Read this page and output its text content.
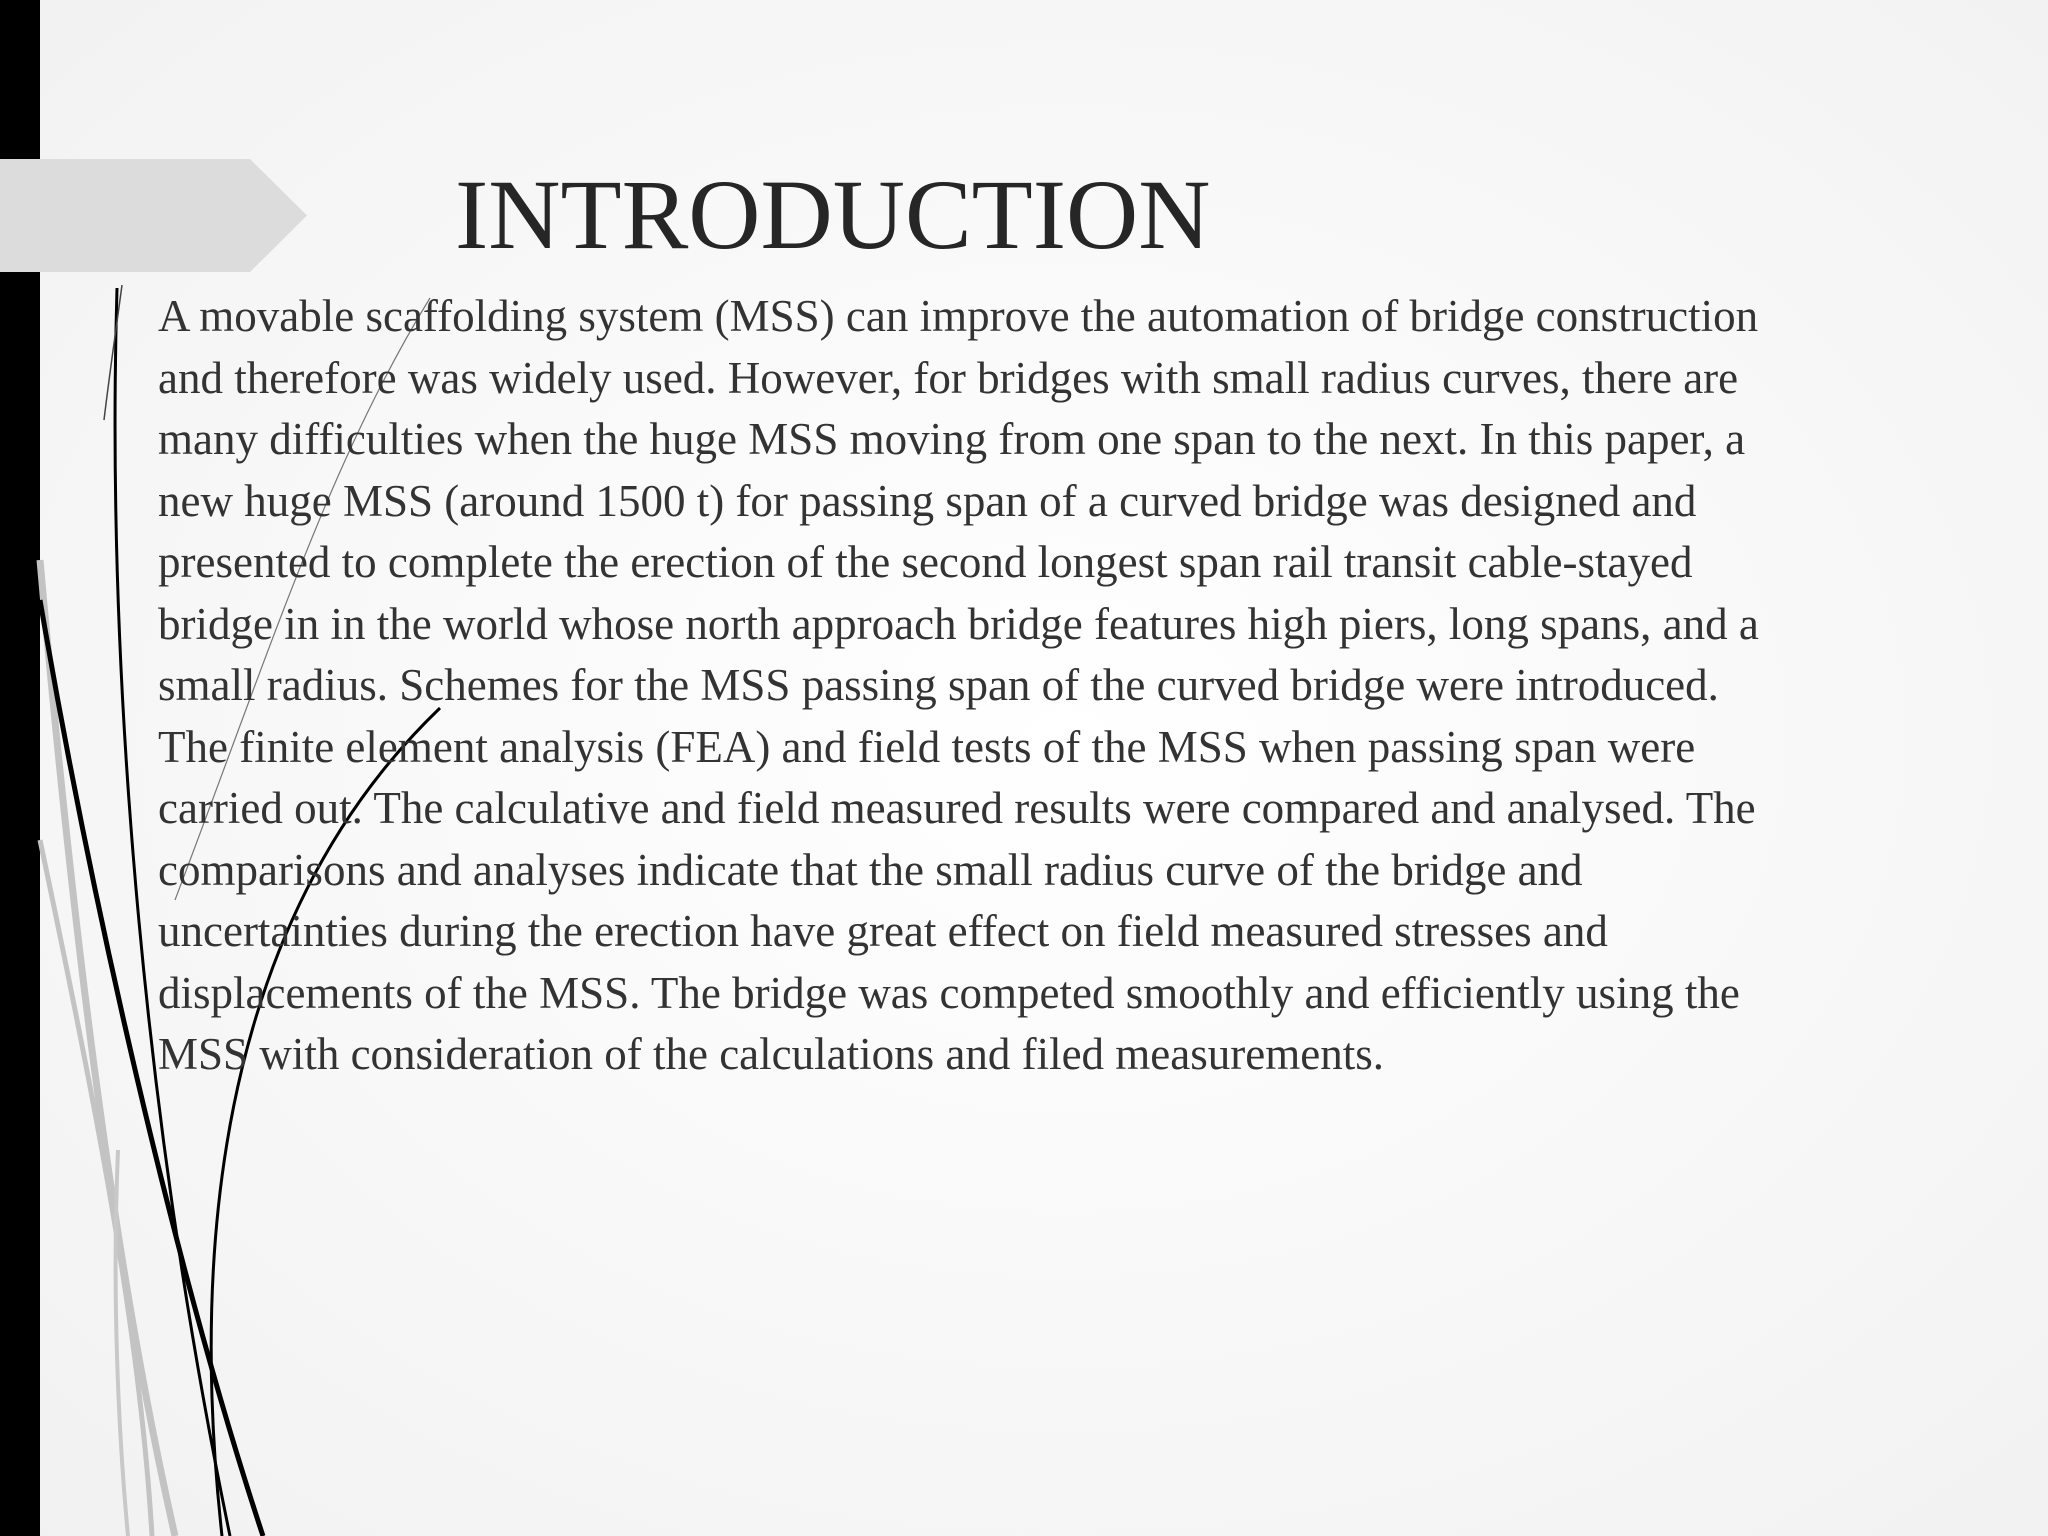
INTRODUCTION
A movable scaffolding system (MSS) can improve the automation of bridge construction
and therefore was widely used. However, for bridges with small radius curves, there are
many difficulties when the huge MSS moving from one span to the next. In this paper, a
new huge MSS (around 1500 t) for passing span of a curved bridge was designed and
presented to complete the erection of the second longest span rail transit cable-stayed
bridge in in the world whose north approach bridge features high piers, long spans, and a
small radius. Schemes for the MSS passing span of the curved bridge were introduced.
The finite element analysis (FEA) and field tests of the MSS when passing span were
carried out. The calculative and field measured results were compared and analysed. The
comparisons and analyses indicate that the small radius curve of the bridge and
uncertainties during the erection have great effect on field measured stresses and
displacements of the MSS. The bridge was competed smoothly and efficiently using the
MSS with consideration of the calculations and filed measurements.
